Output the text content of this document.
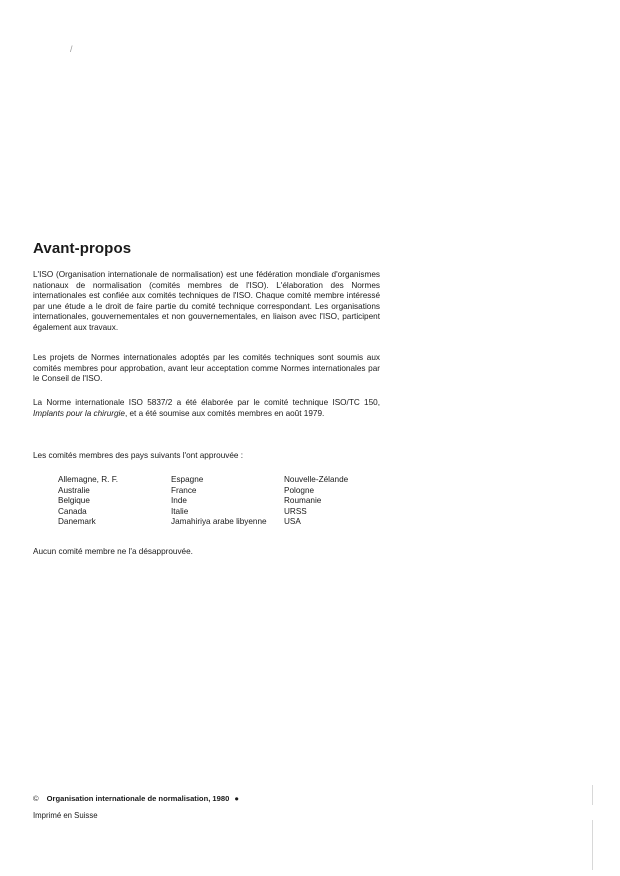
/
Avant-propos

L'ISO (Organisation internationale de normalisation) est une fédération mondiale d'organismes nationaux de normalisation (comités membres de l'ISO). L'élaboration des Normes internationales est confiée aux comités techniques de l'ISO. Chaque comité membre intéressé par une étude a le droit de faire partie du comité technique correspondant. Les organisations internationales, gouvernementales et non gouvernementales, en liaison avec l'ISO, participent également aux travaux.

Les projets de Normes internationales adoptés par les comités techniques sont soumis aux comités membres pour approbation, avant leur acceptation comme Normes internationales par le Conseil de l'ISO.

La Norme internationale ISO 5837/2 a été élaborée par le comité technique ISO/TC 150, Implants pour la chirurgie, et a été soumise aux comités membres en août 1979.

Les comités membres des pays suivants l'ont approuvée :

Allemagne, R. F.	Espagne	Nouvelle-Zélande
Australie	France	Pologne
Belgique	Inde	Roumanie
Canada	Italie	URSS
Danemark	Jamahiriya arabe libyenne	USA

Aucun comité membre ne l'a désapprouvée.

© Organisation internationale de normalisation, 1980 ●
Imprimé en Suisse
